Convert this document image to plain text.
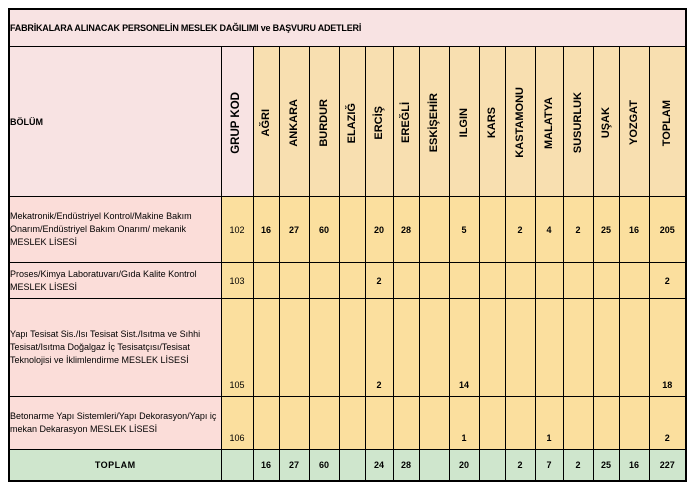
FABRİKALARA ALINACAK PERSONELİN MESLEK DAĞILIMI ve BAŞVURU ADETLERİ																
BÖLÜM	GRUP KOD	AĞRI	ANKARA	BURDUR	ELAZIĞ	ERCİŞ	EREĞLİ	ESKİŞEHİR	ILGIN	KARS	KASTAMONU	MALATYA	SUSURLUK	UŞAK	YOZGAT	TOPLAM
Mekatronik/Endüstriyel Kontrol/Makine Bakım Onarım/Endüstriyel Bakım Onarım/ mekanik MESLEK LİSESİ	102	16	27	60		20	28		5		2	4	2	25	16	205
Proses/Kimya Laboratuvarı/Gıda Kalite Kontrol MESLEK LİSESİ	103					2										2
Yapı Tesisat Sis./Isı Tesisat Sist./Isıtma ve Sıhhi Tesisat/Isıtma Doğalgaz İç Tesisatçısı/Tesisat Teknolojisi ve İklimlendirme MESLEK LİSESİ	105					2			14							18
Betonarme Yapı Sistemleri/Yapı Dekorasyon/Yapı iç mekan Dekarasyon MESLEK LİSESİ	106								1			1				2
TOPLAM		16	27	60		24	28		20		2	7	2	25	16	227
